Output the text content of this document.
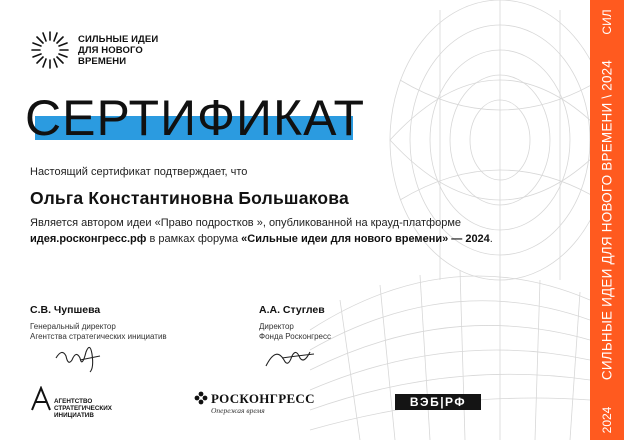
СИЛЬНЫЕ ИДЕИ
ДЛЯ НОВОГО
ВРЕМЕНИ
СЕРТИФИКАТ
Настоящий сертификат подтверждает, что
Ольга Константиновна Большакова
Является автором идеи «Право подростков », опубликованной на крауд-платформе
идея.росконгресс.рф в рамках форума «Сильные идеи для нового времени» — 2024.
С.В. Чупшева
Генеральный директор
Агентства стратегических инициатив
А.А. Стуглев
Директор
Фонда Росконгресс
АГЕНТСТВО
СТРАТЕГИЧЕСКИХ
ИНИЦИАТИВ
РОСКОНГРЕСС
Опережая время
ВЭБ|РФ
СИЛ
СИЛЬНЫЕ ИДЕИ ДЛЯ НОВОГО ВРЕМЕНИ \ 2024
2024
